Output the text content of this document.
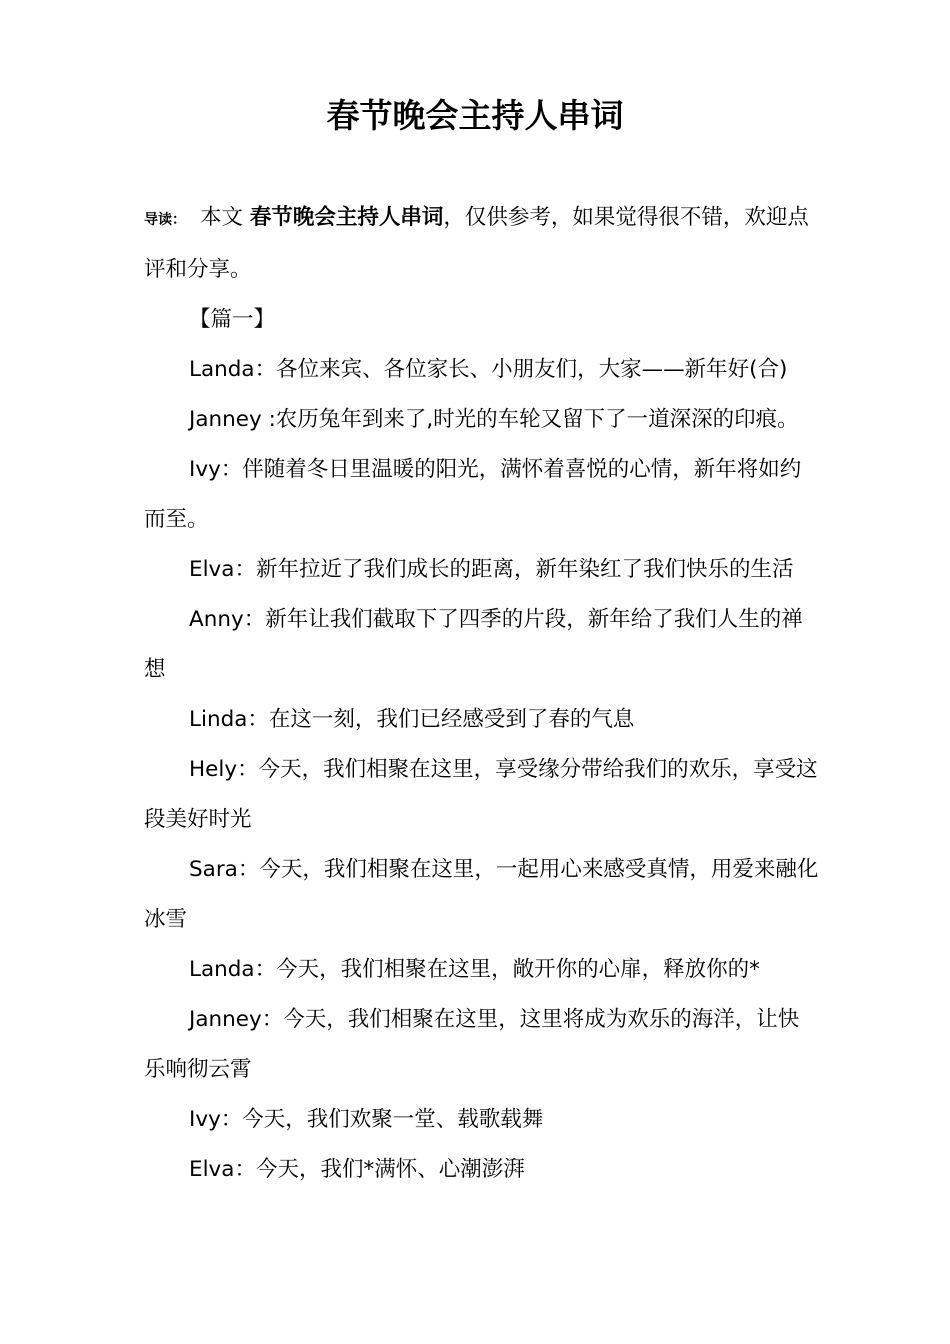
春节晚会主持人串词

导读： 本文 春节晚会主持人串词，仅供参考，如果觉得很不错，欢迎点评和分享。

【篇一】

Landa：各位来宾、各位家长、小朋友们，大家——新年好(合)

Janney :农历兔年到来了,时光的车轮又留下了一道深深的印痕。

Ivy：伴随着冬日里温暖的阳光，满怀着喜悦的心情，新年将如约而至。

Elva：新年拉近了我们成长的距离，新年染红了我们快乐的生活

Anny：新年让我们截取下了四季的片段，新年给了我们人生的禅想

Linda：在这一刻，我们已经感受到了春的气息

Hely：今天，我们相聚在这里，享受缘分带给我们的欢乐，享受这段美好时光

Sara：今天，我们相聚在这里，一起用心来感受真情，用爱来融化冰雪

Landa：今天，我们相聚在这里，敞开你的心扉，释放你的*

Janney：今天，我们相聚在这里，这里将成为欢乐的海洋，让快乐响彻云霄

Ivy：今天，我们欢聚一堂、载歌载舞

Elva：今天，我们*满怀、心潮澎湃
